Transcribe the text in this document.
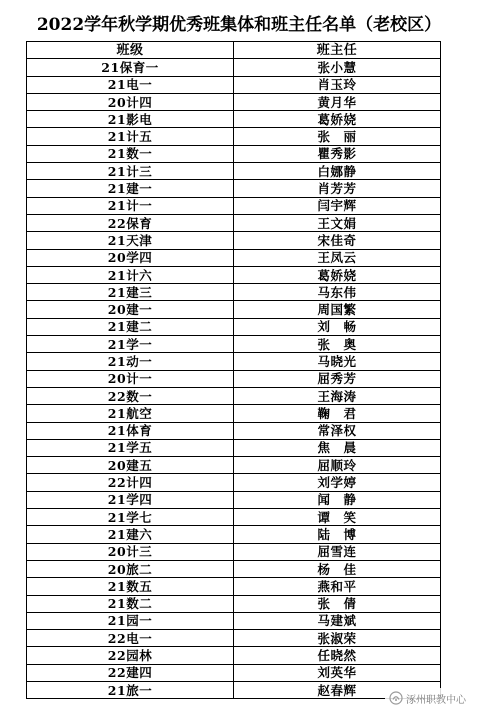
2022学年秋学期优秀班集体和班主任名单（老校区）
班级	班主任
21保育一	张小慧
21电一	肖玉玲
20计四	黄月华
21影电	葛娇娆
21计五	张　丽
21数一	瞿秀影
21计三	白娜静
21建一	肖芳芳
21计一	闫宇辉
22保育	王文娟
21天津	宋佳奇
20学四	王凤云
21计六	葛娇娆
21建三	马东伟
20建一	周国繁
21建二	刘　畅
21学一	张　奥
21动一	马晓光
20计一	屈秀芳
22数一	王海涛
21航空	鞠　君
21体育	常泽权
21学五	焦　晨
20建五	屈顺玲
22计四	刘学婷
21学四	闻　静
21学七	谭　笑
21建六	陆　博
20计三	屈雪连
20旅二	杨　佳
21数五	燕和平
21数二	张　倩
21园一	马建斌
22电一	张淑荣
22园林	任晓然
22建四	刘英华
21旅一	赵春辉
涿州职教中心
